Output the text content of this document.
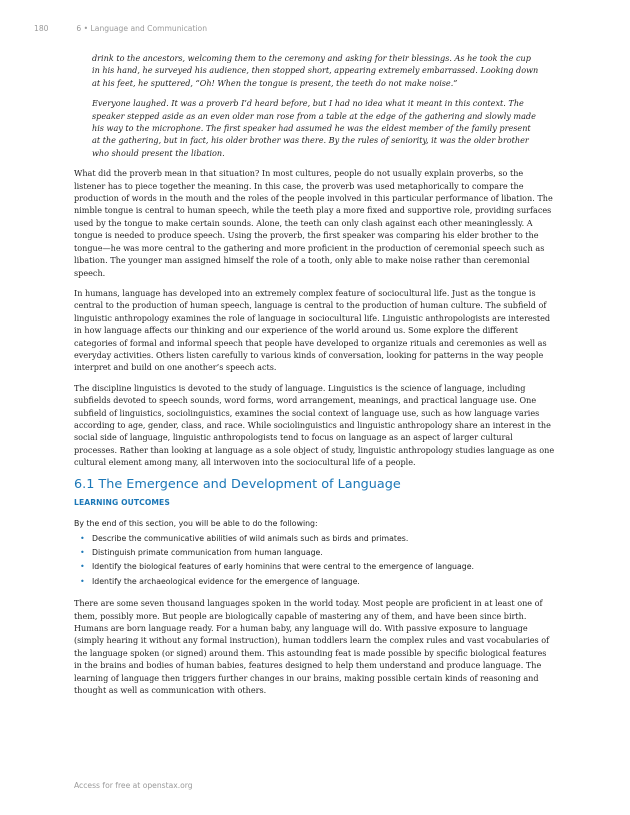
180	6 • Language and Communication

drink to the ancestors, welcoming them to the ceremony and asking for their blessings. As he took the cup in his hand, he surveyed his audience, then stopped short, appearing extremely embarrassed. Looking down at his feet, he sputtered, “Oh! When the tongue is present, the teeth do not make noise.”

Everyone laughed. It was a proverb I’d heard before, but I had no idea what it meant in this context. The speaker stepped aside as an even older man rose from a table at the edge of the gathering and slowly made his way to the microphone. The first speaker had assumed he was the eldest member of the family present at the gathering, but in fact, his older brother was there. By the rules of seniority, it was the older brother who should present the libation.

What did the proverb mean in that situation? In most cultures, people do not usually explain proverbs, so the listener has to piece together the meaning. In this case, the proverb was used metaphorically to compare the production of words in the mouth and the roles of the people involved in this particular performance of libation. The nimble tongue is central to human speech, while the teeth play a more fixed and supportive role, providing surfaces used by the tongue to make certain sounds. Alone, the teeth can only clash against each other meaninglessly. A tongue is needed to produce speech. Using the proverb, the first speaker was comparing his elder brother to the tongue—he was more central to the gathering and more proficient in the production of ceremonial speech such as libation. The younger man assigned himself the role of a tooth, only able to make noise rather than ceremonial speech.

In humans, language has developed into an extremely complex feature of sociocultural life. Just as the tongue is central to the production of human speech, language is central to the production of human culture. The subfield of linguistic anthropology examines the role of language in sociocultural life. Linguistic anthropologists are interested in how language affects our thinking and our experience of the world around us. Some explore the different categories of formal and informal speech that people have developed to organize rituals and ceremonies as well as everyday activities. Others listen carefully to various kinds of conversation, looking for patterns in the way people interpret and build on one another’s speech acts.

The discipline linguistics is devoted to the study of language. Linguistics is the science of language, including subfields devoted to speech sounds, word forms, word arrangement, meanings, and practical language use. One subfield of linguistics, sociolinguistics, examines the social context of language use, such as how language varies according to age, gender, class, and race. While sociolinguistics and linguistic anthropology share an interest in the social side of language, linguistic anthropologists tend to focus on language as an aspect of larger cultural processes. Rather than looking at language as a sole object of study, linguistic anthropology studies language as one cultural element among many, all interwoven into the sociocultural life of a people.

6.1 The Emergence and Development of Language
LEARNING OUTCOMES

By the end of this section, you will be able to do the following:

• Describe the communicative abilities of wild animals such as birds and primates.
• Distinguish primate communication from human language.
• Identify the biological features of early hominins that were central to the emergence of language.
• Identify the archaeological evidence for the emergence of language.

There are some seven thousand languages spoken in the world today. Most people are proficient in at least one of them, possibly more. But people are biologically capable of mastering any of them, and have been since birth. Humans are born language ready. For a human baby, any language will do. With passive exposure to language (simply hearing it without any formal instruction), human toddlers learn the complex rules and vast vocabularies of the language spoken (or signed) around them. This astounding feat is made possible by specific biological features in the brains and bodies of human babies, features designed to help them understand and produce language. The learning of language then triggers further changes in our brains, making possible certain kinds of reasoning and thought as well as communication with others.

Access for free at openstax.org
